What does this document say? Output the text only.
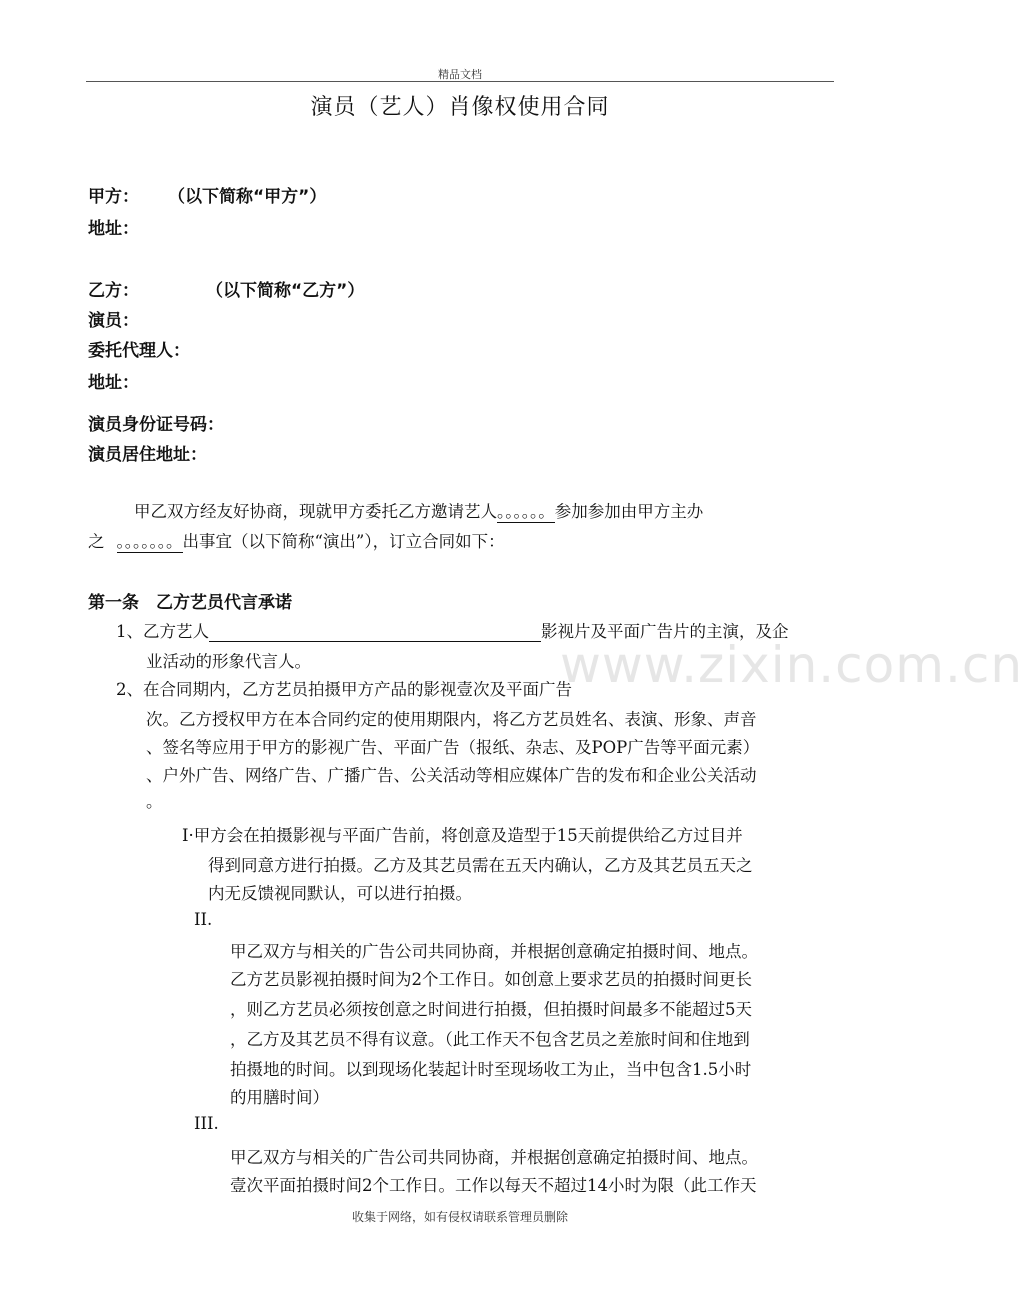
精品文档
演员（艺人）肖像权使用合同
甲方： （以下简称“甲方”）
地址：
乙方：	（以下简称“乙方”）
演员：
委托代理人：
地址：
演员身份证号码：
演员居住地址：
甲乙双方经友好协商，现就甲方委托乙方邀请艺人。。。。。。参加参加由甲方主办
之 。。。。。。。出事宜（以下简称“演出”），订立合同如下：
第一条　乙方艺员代言承诺
1、乙方艺人	影视片及平面广告片的主演，及企
业活动的形象代言人。	www.zixin.com.cn
2、在合同期内，乙方艺员拍摄甲方产品的影视壹次及平面广告
次。乙方授权甲方在本合同约定的使用期限内，将乙方艺员姓名、表演、形象、声音
、签名等应用于甲方的影视广告、平面广告（报纸、杂志、及POP广告等平面元素）
、户外广告、网络广告、广播广告、公关活动等相应媒体广告的发布和企业公关活动
。
I·甲方会在拍摄影视与平面广告前，将创意及造型于15天前提供给乙方过目并
得到同意方进行拍摄。乙方及其艺员需在五天内确认，乙方及其艺员五天之
内无反馈视同默认，可以进行拍摄。
II.
甲乙双方与相关的广告公司共同协商，并根据创意确定拍摄时间、地点。
乙方艺员影视拍摄时间为2个工作日。如创意上要求艺员的拍摄时间更长
，则乙方艺员必须按创意之时间进行拍摄，但拍摄时间最多不能超过5天
，乙方及其艺员不得有议意。（此工作天不包含艺员之差旅时间和住地到
拍摄地的时间。以到现场化装起计时至现场收工为止，当中包含1.5小时
的用膳时间）
III.
甲乙双方与相关的广告公司共同协商，并根据创意确定拍摄时间、地点。
壹次平面拍摄时间2个工作日。工作以每天不超过14小时为限（此工作天
收集于网络，如有侵权请联系管理员删除
